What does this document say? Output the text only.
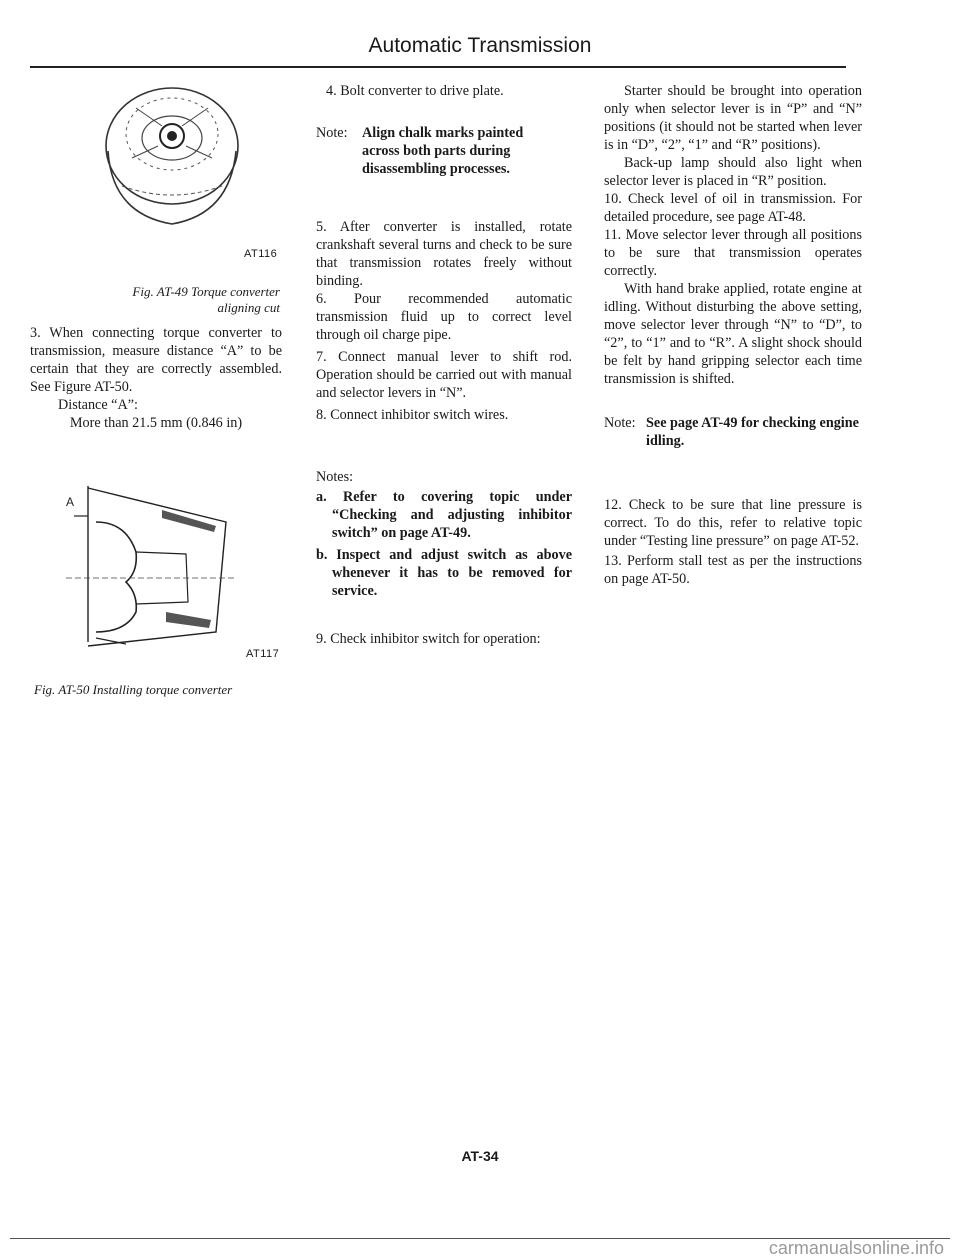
Automatic Transmission
AT116
Fig. AT-49 Torque converter
aligning cut

3. When connecting torque converter to transmission, measure distance “A” to be certain that they are correctly assembled. See Figure AT-50.

Distance “A”:

More than 21.5 mm (0.846 in)

A
AT117
Fig. AT-50 Installing torque converter

4. Bolt converter to drive plate.

Note:	Align chalk marks painted across both parts during disassembling processes.

5. After converter is installed, rotate crankshaft several turns and check to be sure that transmission rotates freely without binding.

6. Pour recommended automatic transmission fluid up to correct level through oil charge pipe.

7. Connect manual lever to shift rod. Operation should be carried out with manual and selector levers in “N”.

8. Connect inhibitor switch wires.

Notes:

a. Refer to covering topic under “Checking and adjusting inhibitor switch” on page AT-49.

b. Inspect and adjust switch as above whenever it has to be removed for service.

9. Check inhibitor switch for operation:

Starter should be brought into operation only when selector lever is in “P” and “N” positions (it should not be started when lever is in “D”, “2”, “1” and “R” positions).

Back-up lamp should also light when selector lever is placed in “R” position.

10. Check level of oil in transmission. For detailed procedure, see page AT-48.

11. Move selector lever through all positions to be sure that transmission operates correctly.

With hand brake applied, rotate engine at idling. Without disturbing the above setting, move selector lever through “N” to “D”, to “2”, to “1” and to “R”. A slight shock should be felt by hand gripping selector each time transmission is shifted.

Note: See page AT-49 for checking engine idling.

12. Check to be sure that line pressure is correct. To do this, refer to relative topic under “Testing line pressure” on page AT-52.

13. Perform stall test as per the instructions on page AT-50.

AT-34
carmanualsonline.info
